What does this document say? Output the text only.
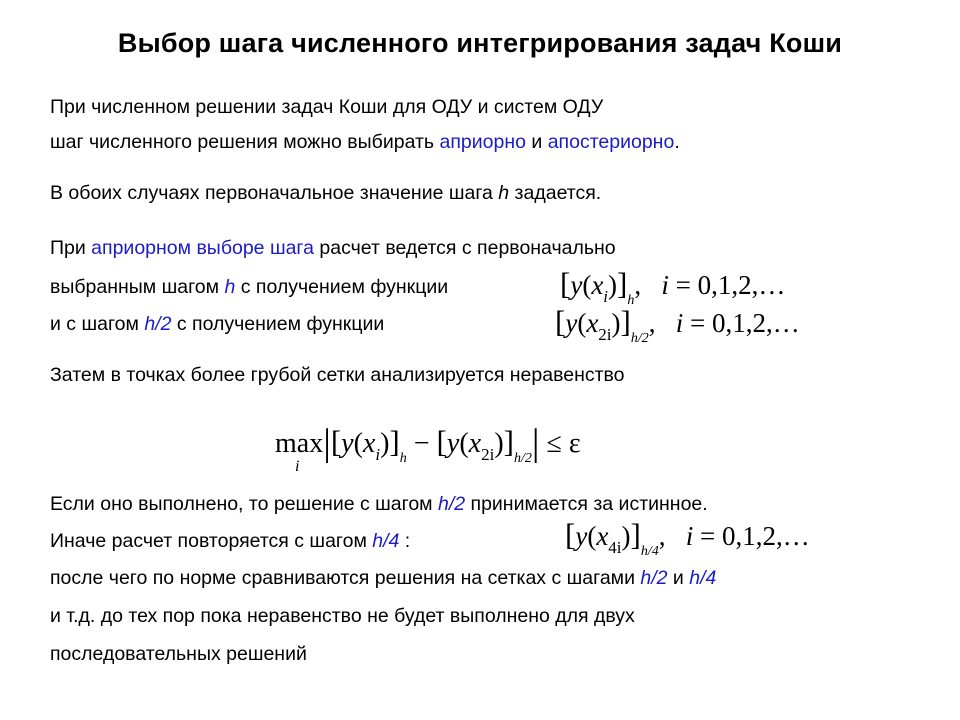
Выбор шага численного интегрирования задач Коши
При численном решении задач Коши для ОДУ и систем ОДУ
шаг численного решения можно выбирать априорно и апостериорно.
В обоих случаях первоначальное значение шага h задается.
При априорном выборе шага расчет ведется с первоначально
выбранным шагом h с получением функции
и с шагом h/2 с получением функции
$[y(x_i)]_h$,   i = 0,1,2,…
$[y(x_{2i})]_{h/2}$,   i = 0,1,2,…
Затем в точках более грубой сетки анализируется неравенство
max
i
$|[y(x_i)]_h - [y(x_{2i})]_{h/2}| \le \varepsilon$
Если оно выполнено, то решение с шагом h/2 принимается за истинное.
Иначе расчет повторяется с шагом h/4 :	$[y(x_{4i})]_{h/4}$,   i = 0,1,2,…
после чего по норме сравниваются решения на сетках с шагами h/2 и h/4
и т.д. до тех пор пока неравенство не будет выполнено для двух
последовательных решений
